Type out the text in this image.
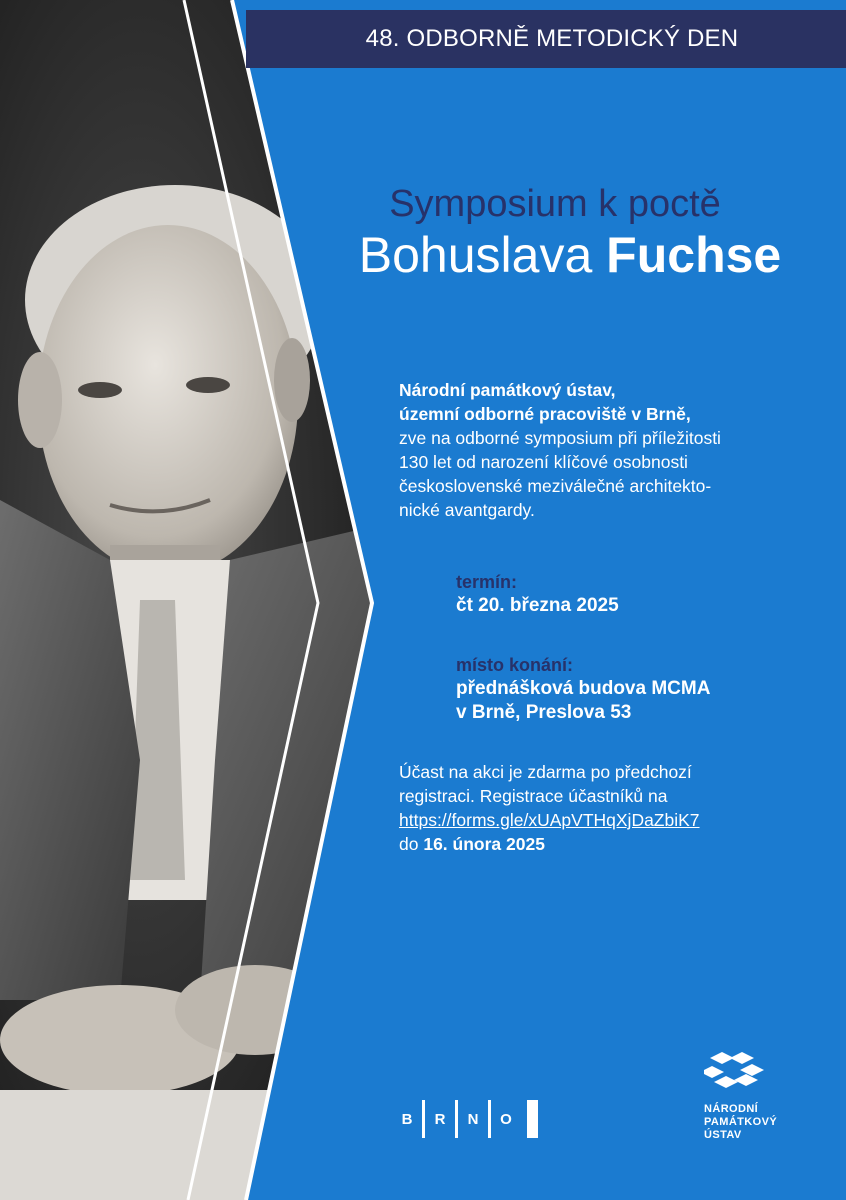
48. ODBORNĚ METODICKÝ DEN
Symposium k poctě
Bohuslava Fuchse
Národní památkový ústav,
územní odborné pracoviště v Brně,
zve na odborné symposium při příležitosti
130 let od narození klíčové osobnosti
československé meziválečné architekto-
nické avantgardy.
termín:
čt 20. března 2025
místo konání:
přednášková budova MCMA
v Brně, Preslova 53
Účast na akci je zdarma po předchozí
registraci. Registrace účastníků na
https://forms.gle/xUApVTHqXjDaZbiK7
do 16. února 2025
B	R	N	O
NÁRODNÍ
PAMÁTKOVÝ
ÚSTAV
